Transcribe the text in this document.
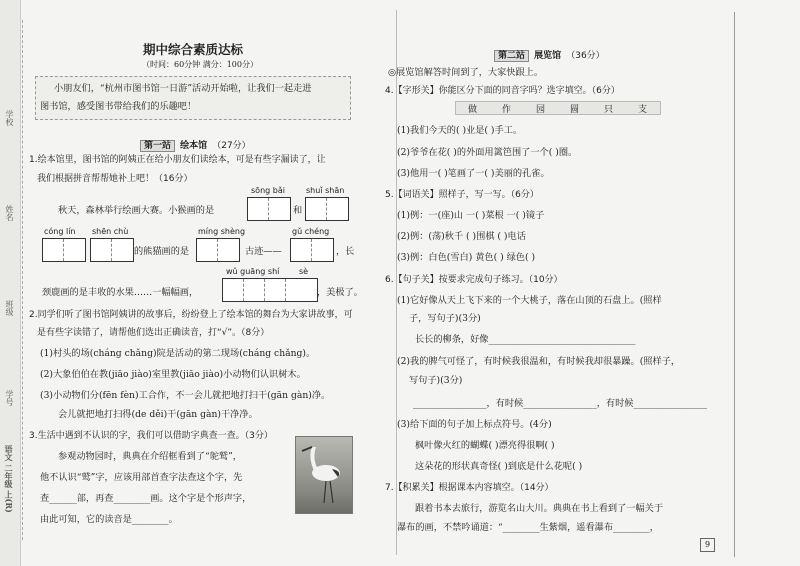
学校
姓名
班级
学号
语文 二年级 上(R)
期中综合素质达标
（时间：60分钟 满分：100分）
小朋友们，“杭州市图书馆一日游”活动开始啦，让我们一起走进
图书馆，感受图书带给我们的乐趣吧！
第一站 绘本馆 （27分）
1.绘本馆里，图书馆的阿姨正在给小朋友们读绘本，可是有些字漏读了，让
我们根据拼音帮帮她补上吧！（16分）
sōng bǎi	shuǐ shān
秋天，森林举行绘画大赛。小猴画的是	和
cóng lín shēn chù	míng shèng	gǔ chéng
的熊猫画的是	古迹——	，长
wǔ guāng shí sè
颈鹿画的是丰收的水果……一幅幅画，	，美极了。
2.同学们听了图书馆阿姨讲的故事后，纷纷登上了绘本馆的舞台为大家讲故事，可
是有些字读错了，请帮他们选出正确读音，打“√”。（8分）
(1)村头的场(cháng chǎng)院是活动的第二现场(cháng chǎng)。
(2)大象伯伯在教(jiāo jiào)室里教(jiāo jiào)小动物们认识树木。
(3)小动物们分(fēn fèn)工合作，不一会儿就把地打扫干(gān gàn)净。
会儿就把地打扫得(de děi)干(gān gàn)干净净。
3.生活中遇到不认识的字，我们可以借助字典查一查。（3分）
参观动物园时，典典在介绍框看到了“鸵鹫”，
他不认识“鹫”字，应该用部首查字法查这个字，先
查______部，再查________画。这个字是个形声字，
由此可知，它的读音是________。
第二站 展览馆 （36分）
◎展览馆解答时间到了，大家快跟上。
4.【字形关】你能区分下面的同音字吗？选字填空。（6分）
做	作	园	圆	只	支
(1)我们今天的( )业是( )手工。
(2)爷爷在花( )的外面用篱笆围了一个( )圈。
(3)他用一( )笔画了一( )美丽的孔雀。
5.【词语关】照样子，写一写。（6分）
(1)例：一(座)山 一( )菜根 一( )镜子
(2)例：(荡)秋千 ( )围棋 ( )电话
(3)例：白色(雪白) 黄色( ) 绿色( )
6.【句子关】按要求完成句子练习。（10分）
(1)它好像从天上飞下来的一个大桃子，落在山顶的石盘上。(照样
子，写句子)(3分)
长长的柳条，好像________________________________
(2)我的脾气可怪了，有时候我很温和，有时候我却很暴躁。(照样子，
写句子)(3分)
________________，有时候________________，有时候________________
(3)给下面的句子加上标点符号。(4分)
枫叶像火红的蝴蝶( )漂亮得很啊( )
这朵花的形状真奇怪( )到底是什么花呢( )
7.【积累关】根据课本内容填空。（14分）
跟着书本去旅行，游览名山大川。典典在书上看到了一幅关于
瀑布的画，不禁吟诵道：“________生紫烟，遥看瀑布________，
9
